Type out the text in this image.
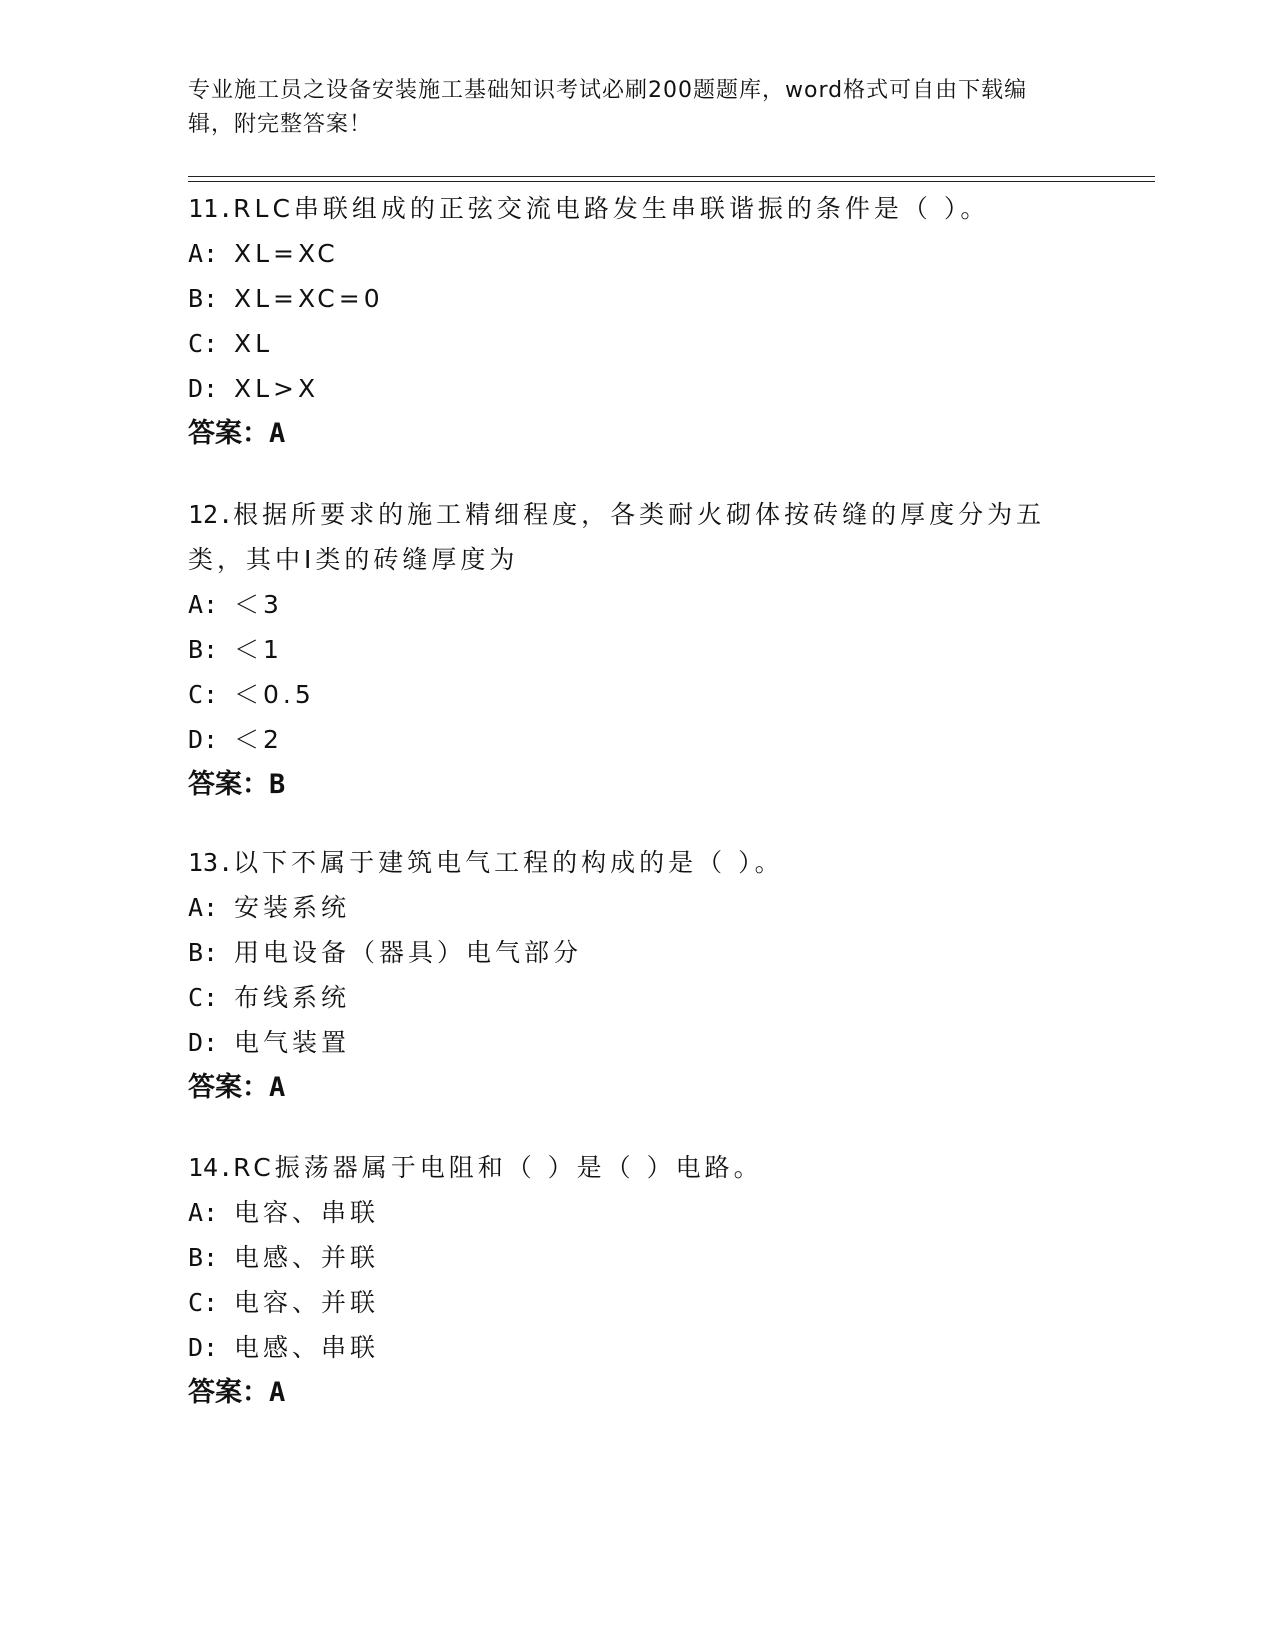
专业施工员之设备安装施工基础知识考试必刷200题题库，word格式可自由下载编辑，附完整答案！

11.RLC串联组成的正弦交流电路发生串联谐振的条件是（ ）。

A: XL=XC

B: XL=XC=0

C: XL

D: XL>X

答案：A

12.根据所要求的施工精细程度，各类耐火砌体按砖缝的厚度分为五类，其中Ⅰ类的砖缝厚度为

A: ＜3

B: ＜1

C: ＜0.5

D: ＜2

答案：B

13.以下不属于建筑电气工程的构成的是（ ）。

A: 安装系统

B: 用电设备（器具）电气部分

C: 布线系统

D: 电气装置

答案：A

14.RC振荡器属于电阻和（ ）是（ ）电路。

A: 电容、串联

B: 电感、并联

C: 电容、并联

D: 电感、串联

答案：A
